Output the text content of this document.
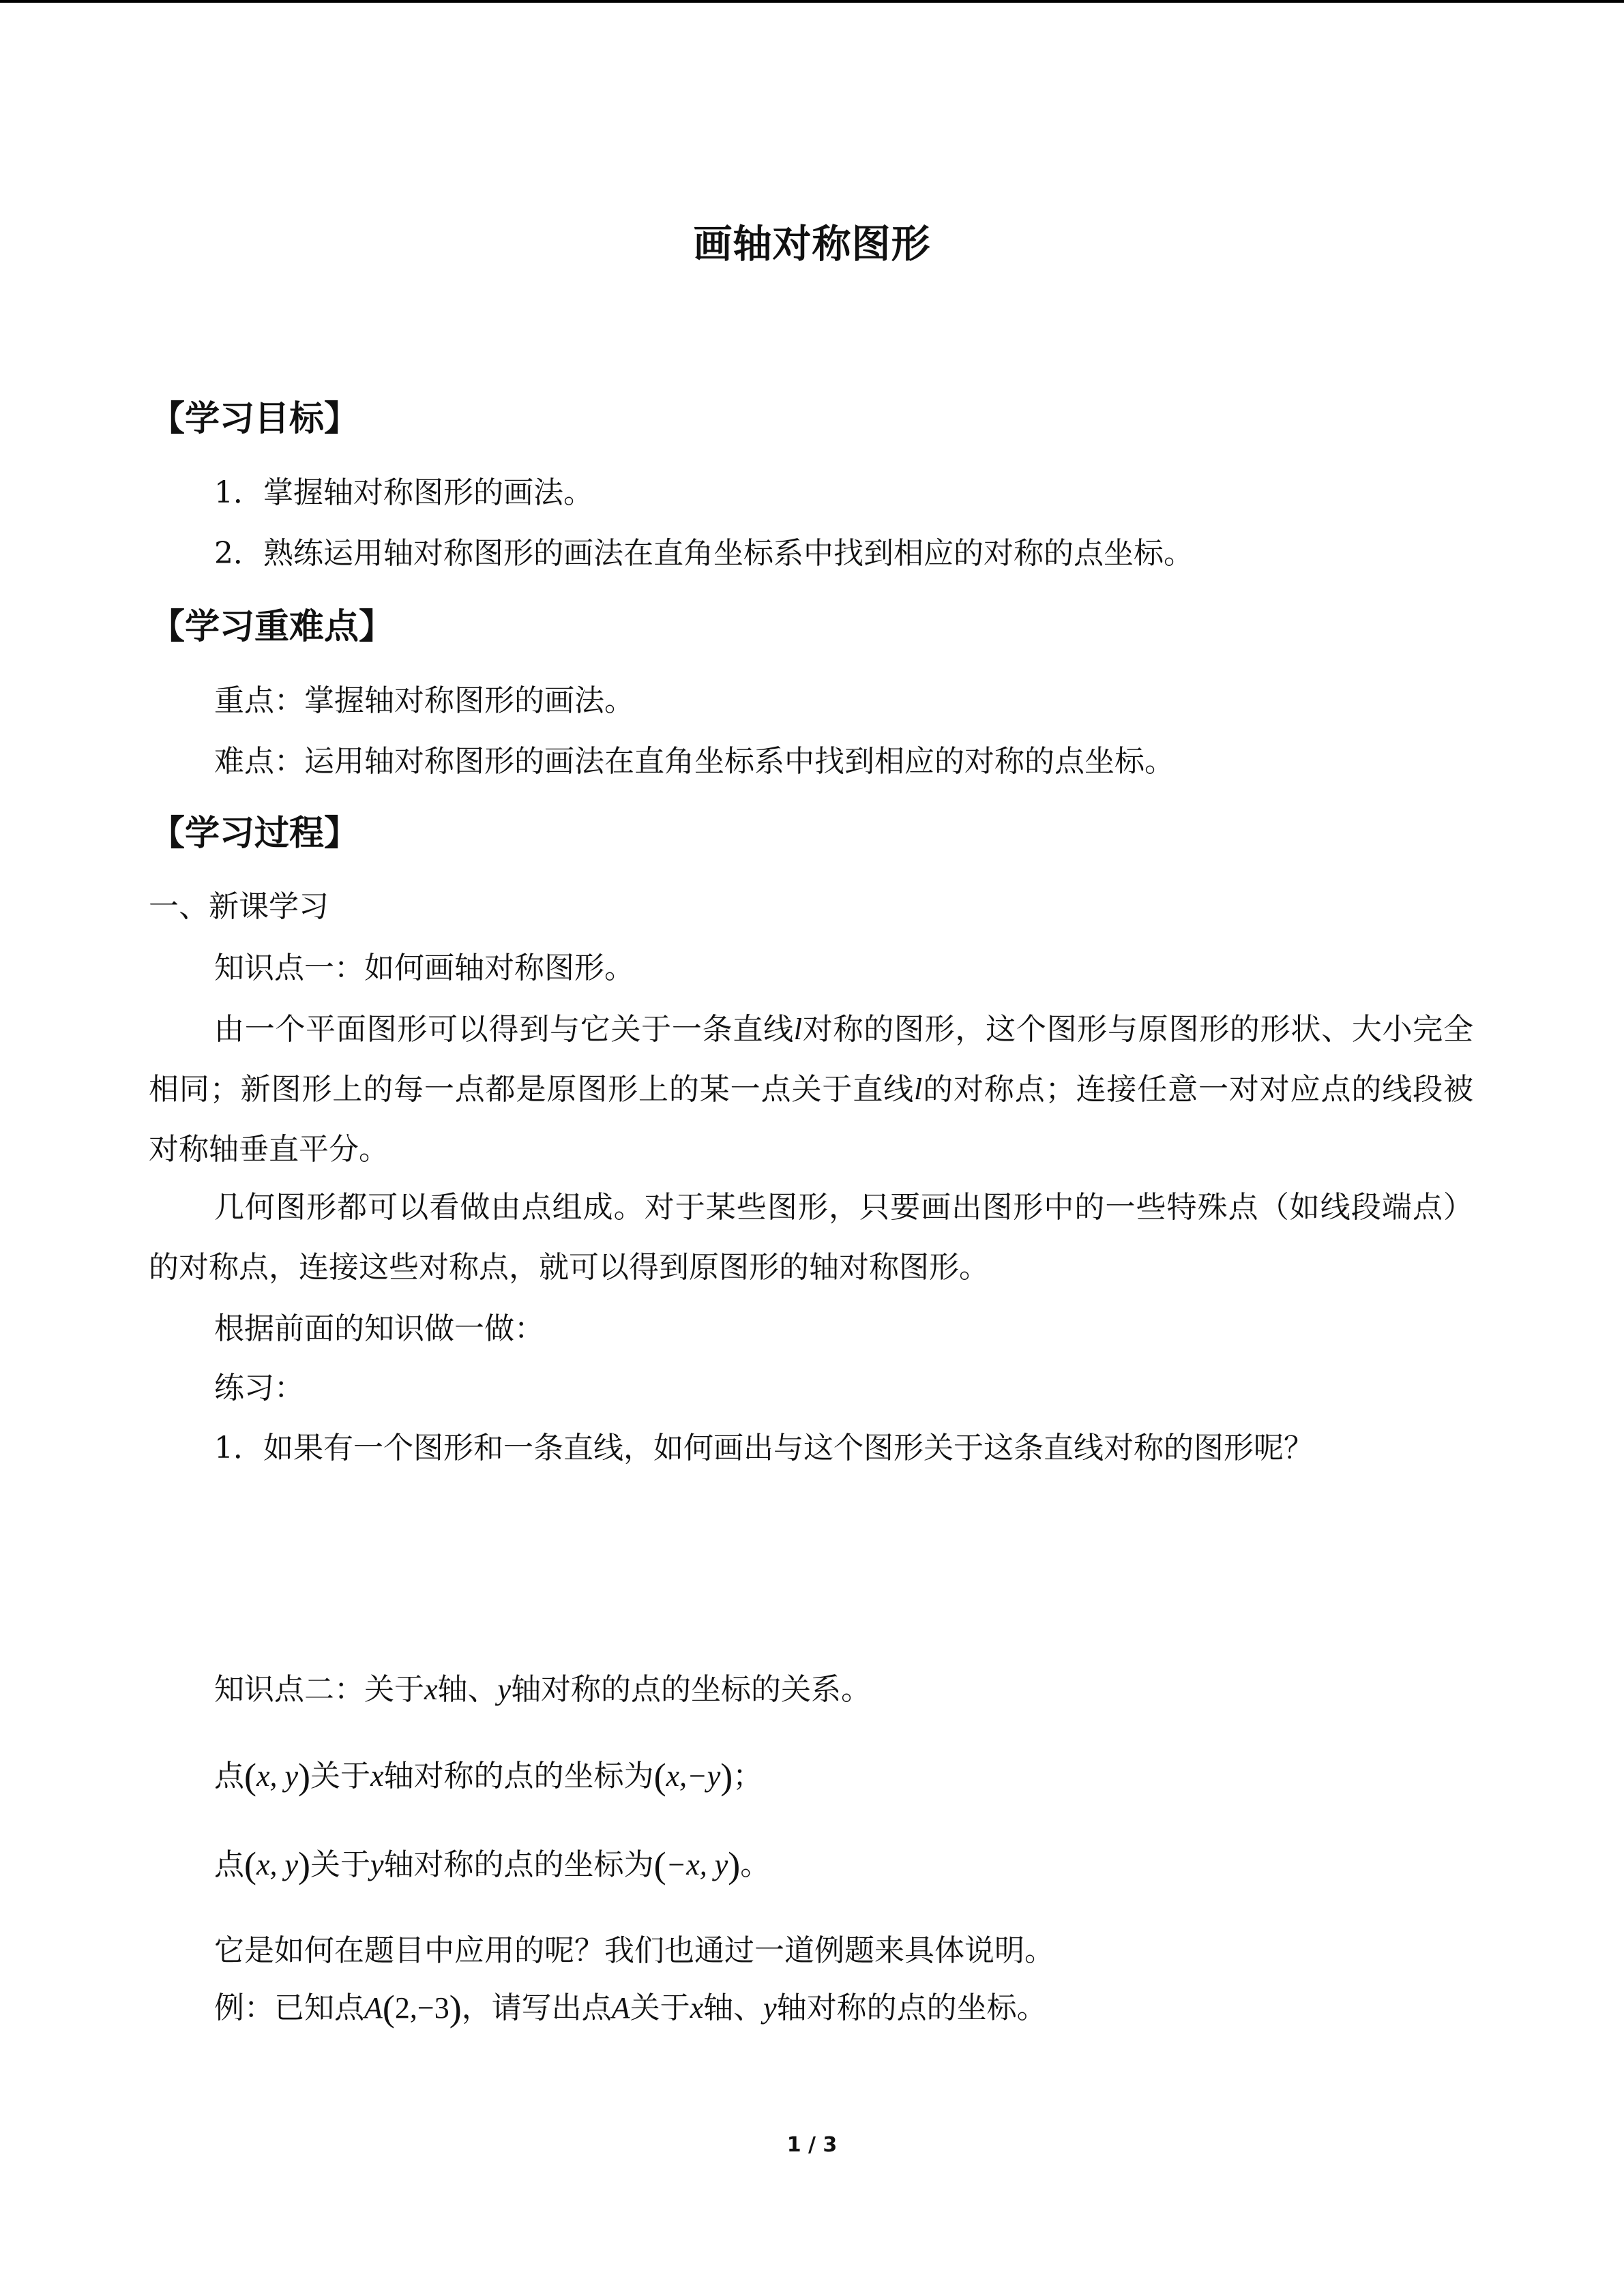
画轴对称图形
【学习目标】
1．掌握轴对称图形的画法。
2．熟练运用轴对称图形的画法在直角坐标系中找到相应的对称的点坐标。
【学习重难点】
重点：掌握轴对称图形的画法。
难点：运用轴对称图形的画法在直角坐标系中找到相应的对称的点坐标。
【学习过程】
一、新课学习
知识点一：如何画轴对称图形。
由一个平面图形可以得到与它关于一条直线l对称的图形，这个图形与原图形的形状、大小完全相同；新图形上的每一点都是原图形上的某一点关于直线l的对称点；连接任意一对对应点的线段被对称轴垂直平分。
几何图形都可以看做由点组成。对于某些图形，只要画出图形中的一些特殊点（如线段端点）的对称点，连接这些对称点，就可以得到原图形的轴对称图形。
根据前面的知识做一做：
练习：
1．如果有一个图形和一条直线，如何画出与这个图形关于这条直线对称的图形呢？
知识点二：关于x轴、y轴对称的点的坐标的关系。
点(x, y)关于x轴对称的点的坐标为(x,−y)；
点(x, y)关于y轴对称的点的坐标为(−x, y)。
它是如何在题目中应用的呢？我们也通过一道例题来具体说明。
例：已知点A(2,−3)，请写出点A关于x轴、y轴对称的点的坐标。
1 / 3
